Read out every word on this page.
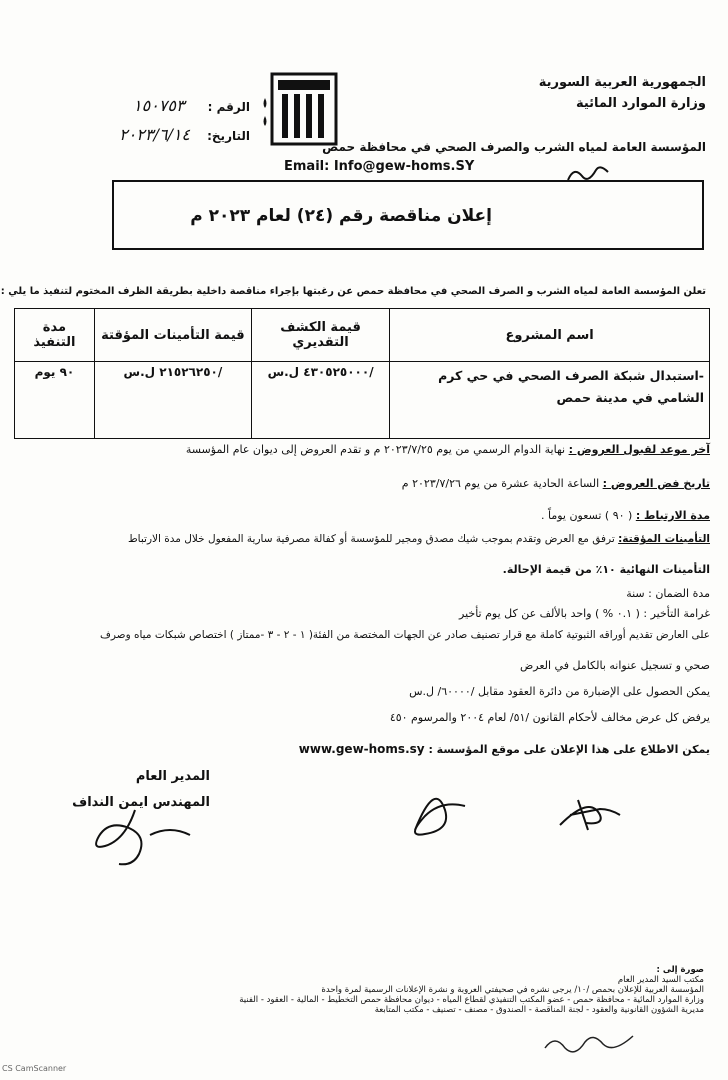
الجمهورية العربية السورية
وزارة الموارد المائية
المؤسسة العامة لمياه الشرب والصرف الصحي في محافظة حمص
الرقم : ١٥٠٧٥٣
التاريخ: ٢٠٢٣/٦/١٤
Email: Info@gew-homs.SY
إعلان مناقصة رقم (٢٤) لعام ٢٠٢٣ م
تعلن المؤسسة العامة لمياه الشرب و الصرف الصحي في محافظة حمص عن رغبتها بإجراء مناقصة داخلية بطريقة الظرف المختوم لتنفيذ ما يلي :
اسم المشروع	قيمة الكشف التقديري	قيمة التأمينات المؤقتة	مدة التنفيذ
-استبدال شبكة الصرف الصحي في حي كرم الشامي في مدينة حمص	/٤٣٠٥٢٥٠٠٠ ل.س	/٢١٥٢٦٢٥٠ ل.س	٩٠ يوم
آخر موعد لقبول العروض : نهاية الدوام الرسمي من يوم ٢٠٢٣/٧/٢٥ م و تقدم العروض إلى ديوان عام المؤسسة
تاريخ فض العروض : الساعة الحادية عشرة من يوم ٢٠٢٣/٧/٢٦ م
مدة الارتباط : ( ٩٠ ) تسعون يوماً .
التأمينات المؤقتة: ترفق مع العرض وتقدم بموجب شيك مصدق ومجير للمؤسسة أو كفالة مصرفية سارية المفعول خلال مدة الارتباط
التأمينات النهائية ١٠٪ من قيمة الإحالة.
مدة الضمان : سنة
غرامة التأخير : ( ٠.١ % ) واحد بالألف عن كل يوم تأخير
على العارض تقديم أوراقه الثبوتية كاملة مع قرار تصنيف صادر عن الجهات المختصة من الفئة( ١ - ٢ - ٣ -ممتاز ) اختصاص شبكات مياه وصرف
صحي و تسجيل عنوانه بالكامل في العرض
يمكن الحصول على الإضبارة من دائرة العقود مقابل /٦٠٠٠٠/ ل.س
يرفض كل عرض مخالف لأحكام القانون /٥١/ لعام ٢٠٠٤ والمرسوم ٤٥٠
يمكن الاطلاع على هذا الإعلان على موقع المؤسسة : www.gew-homs.sy
المدير العام
المهندس ايمن النداف
صورة إلى :
مكتب السيد المدير العام
المؤسسة العربية للإعلان بحمص /١٠/ يرجى نشره في صحيفتي العروبة و نشرة الإعلانات الرسمية لمرة واحدة
وزارة الموارد المائية - محافظة حمص - عضو المكتب التنفيذي لقطاع المياه - ديوان محافظة حمص التخطيط - المالية - العقود - الفنية
مديرية الشؤون القانونية والعقود - لجنة المناقصة - الصندوق - مصنف - تصنيف - مكتب المتابعة
CS CamScanner
